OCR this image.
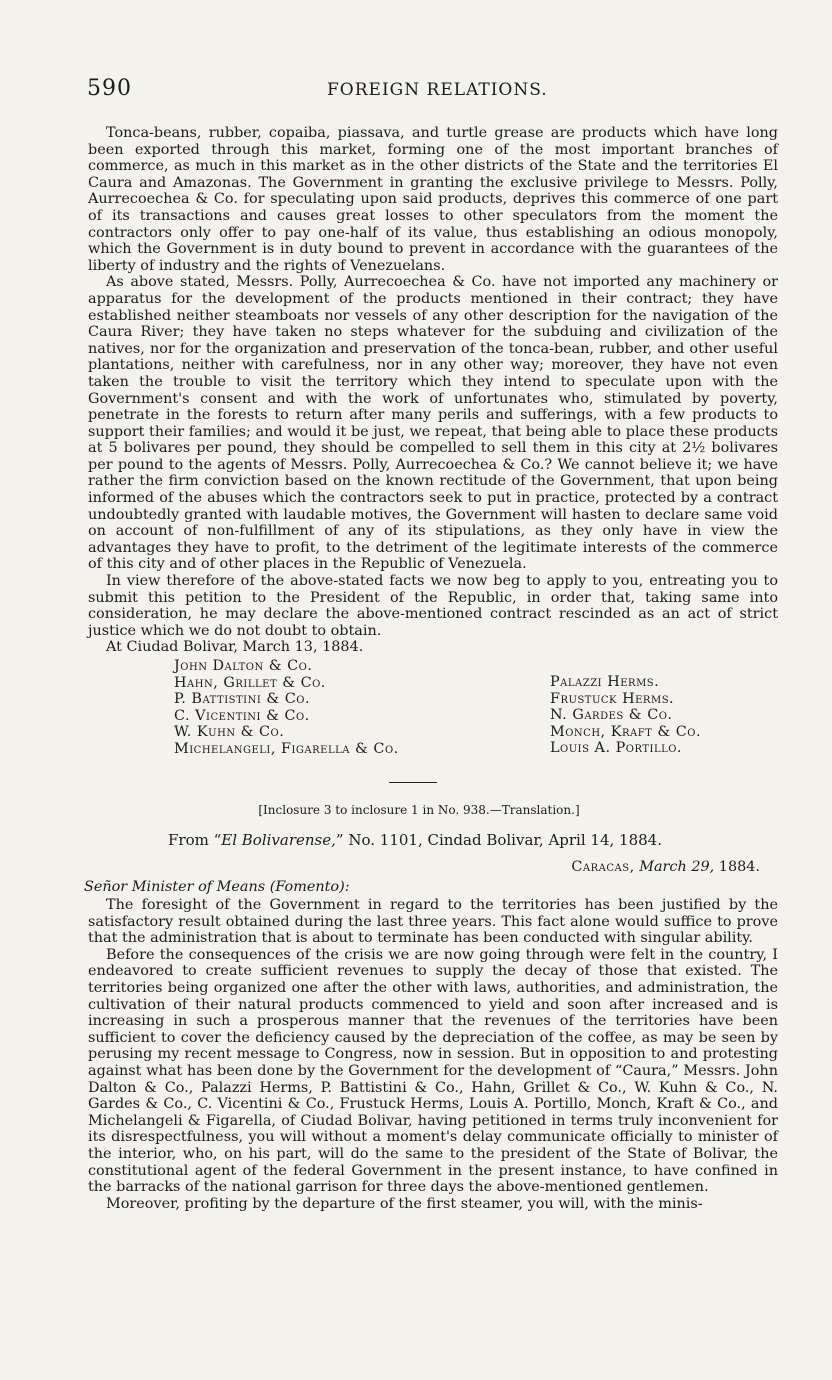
590	FOREIGN RELATIONS.

Tonca-beans, rubber, copaiba, piassava, and turtle grease are products which have long been exported through this market, forming one of the most important branches of commerce, as much in this market as in the other districts of the State and the territories El Caura and Amazonas. The Government in granting the exclusive privilege to Messrs. Polly, Aurrecoechea & Co. for speculating upon said products, deprives this commerce of one part of its transactions and causes great losses to other speculators from the moment the contractors only offer to pay one-half of its value, thus establishing an odious monopoly, which the Government is in duty bound to prevent in accordance with the guarantees of the liberty of industry and the rights of Venezuelans.

As above stated, Messrs. Polly, Aurrecoechea & Co. have not imported any machinery or apparatus for the development of the products mentioned in their contract; they have established neither steamboats nor vessels of any other description for the navigation of the Caura River; they have taken no steps whatever for the subduing and civilization of the natives, nor for the organization and preservation of the tonca-bean, rubber, and other useful plantations, neither with carefulness, nor in any other way; moreover, they have not even taken the trouble to visit the territory which they intend to speculate upon with the Government's consent and with the work of unfortunates who, stimulated by poverty, penetrate in the forests to return after many perils and sufferings, with a few products to support their families; and would it be just, we repeat, that being able to place these products at 5 bolivares per pound, they should be compelled to sell them in this city at 2½ bolivares per pound to the agents of Messrs. Polly, Aurrecoechea & Co.? We cannot believe it; we have rather the firm conviction based on the known rectitude of the Government, that upon being informed of the abuses which the contractors seek to put in practice, protected by a contract undoubtedly granted with laudable motives, the Government will hasten to declare same void on account of non-fulfillment of any of its stipulations, as they only have in view the advantages they have to profit, to the detriment of the legitimate interests of the commerce of this city and of other places in the Republic of Venezuela.

In view therefore of the above-stated facts we now beg to apply to you, entreating you to submit this petition to the President of the Republic, in order that, taking same into consideration, he may declare the above-mentioned contract rescinded as an act of strict justice which we do not doubt to obtain.

At Ciudad Bolivar, March 13, 1884.

John Dalton & Co.
Hahn, Grillet & Co.
P. Battistini & Co.
C. Vicentini & Co.
W. Kuhn & Co.
Michelangeli, Figarella & Co.
Palazzi Herms.
Frustuck Herms.
N. Gardes & Co.
Monch, Kraft & Co.
Louis A. Portillo.
[Inclosure 3 to inclosure 1 in No. 938.—Translation.]
From “El Bolivarense,” No. 1101, Cindad Bolivar, April 14, 1884.
Caracas, March 29, 1884.
Señor Minister of Means (Fomento):

The foresight of the Government in regard to the territories has been justified by the satisfactory result obtained during the last three years. This fact alone would suffice to prove that the administration that is about to terminate has been conducted with singular ability.

Before the consequences of the crisis we are now going through were felt in the country, I endeavored to create sufficient revenues to supply the decay of those that existed. The territories being organized one after the other with laws, authorities, and administration, the cultivation of their natural products commenced to yield and soon after increased and is increasing in such a prosperous manner that the revenues of the territories have been sufficient to cover the deficiency caused by the depreciation of the coffee, as may be seen by perusing my recent message to Congress, now in session. But in opposition to and protesting against what has been done by the Government for the development of “Caura,” Messrs. John Dalton & Co., Palazzi Herms, P. Battistini & Co., Hahn, Grillet & Co., W. Kuhn & Co., N. Gardes & Co., C. Vicentini & Co., Frustuck Herms, Louis A. Portillo, Monch, Kraft & Co., and Michelangeli & Figarella, of Ciudad Bolivar, having petitioned in terms truly inconvenient for its disrespectfulness, you will without a moment's delay communicate officially to minister of the interior, who, on his part, will do the same to the president of the State of Bolivar, the constitutional agent of the federal Government in the present instance, to have confined in the barracks of the national garrison for three days the above-mentioned gentlemen.

Moreover, profiting by the departure of the first steamer, you will, with the minis-
